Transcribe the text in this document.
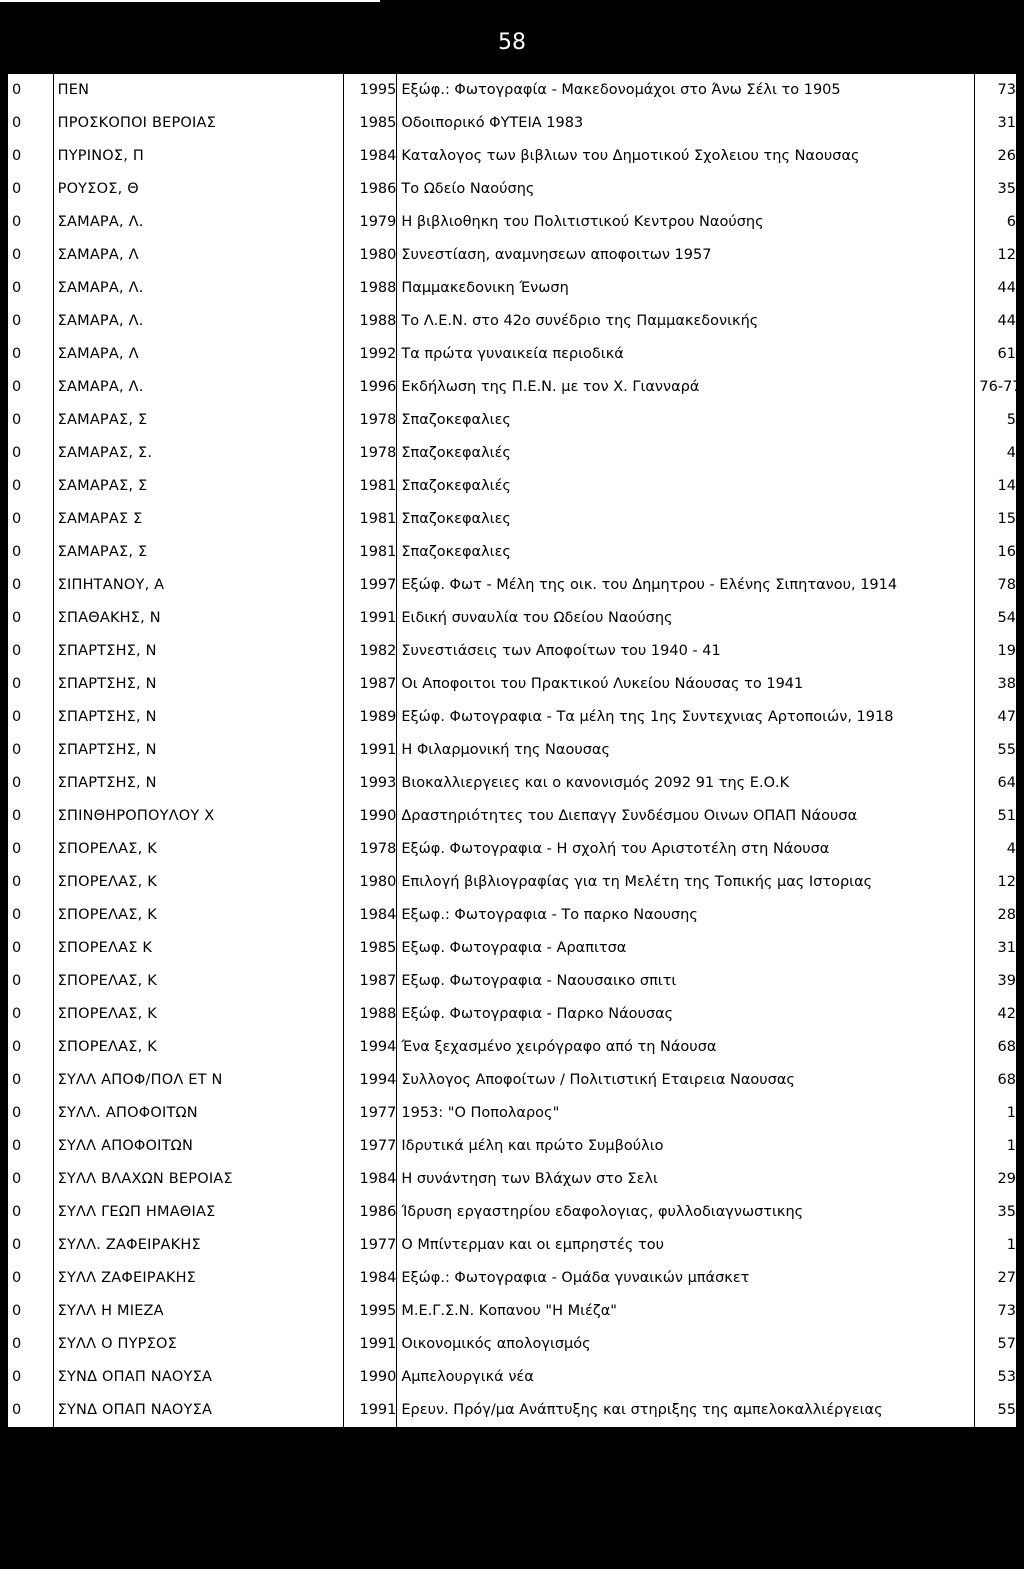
58
0	ΠΕΝ	1995	Εξώφ.: Φωτογραφία - Μακεδονομάχοι στο Άνω Σέλι το 1905	73
0	ΠΡΟΣΚΟΠΟΙ ΒΕΡΟΙΑΣ	1985	Οδοιπορικό ΦΥΤΕΙΑ 1983	31
0	ΠΥΡΙΝΟΣ, Π	1984	Καταλογος των βιβλιων του Δημοτικού Σχολειου της Ναουσας	26
0	ΡΟΥΣΟΣ, Θ	1986	Το Ωδείο Ναούσης	35
0	ΣΑΜΑΡΑ, Λ.	1979	Η βιβλιοθηκη του Πολιτιστικού Κεντρου Ναούσης	6
0	ΣΑΜΑΡΑ, Λ	1980	Συνεστίαση, αναμνησεων αποφοιτων 1957	12
0	ΣΑΜΑΡΑ, Λ.	1988	Παμμακεδονικη Ένωση	44
0	ΣΑΜΑΡΑ, Λ.	1988	Το Λ.Ε.Ν. στο 42ο συνέδριο της Παμμακεδονικής	44
0	ΣΑΜΑΡΑ, Λ	1992	Τα πρώτα γυναικεία περιοδικά	61
0	ΣΑΜΑΡΑ, Λ.	1996	Εκδήλωση της Π.Ε.Ν. με τον Χ. Γιανναρά	76-77
0	ΣΑΜΑΡΑΣ, Σ	1978	Σπαζοκεφαλιες	5
0	ΣΑΜΑΡΑΣ, Σ.	1978	Σπαζοκεφαλιές	4
0	ΣΑΜΑΡΑΣ, Σ	1981	Σπαζοκεφαλιές	14
0	ΣΑΜΑΡΑΣ Σ	1981	Σπαζοκεφαλιες	15
0	ΣΑΜΑΡΑΣ, Σ	1981	Σπαζοκεφαλιες	16
0	ΣΙΠΗΤΑΝΟΥ, Α	1997	Εξώφ. Φωτ - Μέλη της οικ. του Δημητρου - Ελένης Σιπητανου, 1914	78
0	ΣΠΑΘΑΚΗΣ, Ν	1991	Ειδική συναυλία του Ωδείου Ναούσης	54
0	ΣΠΑΡΤΣΗΣ, Ν	1982	Συνεστιάσεις των Αποφοίτων του 1940 - 41	19
0	ΣΠΑΡΤΣΗΣ, Ν	1987	Οι Αποφοιτοι του Πρακτικού Λυκείου Νάουσας το 1941	38
0	ΣΠΑΡΤΣΗΣ, Ν	1989	Εξώφ. Φωτογραφια - Τα μέλη της 1ης Συντεχνιας Αρτοποιών, 1918	47
0	ΣΠΑΡΤΣΗΣ, Ν	1991	Η Φιλαρμονική της Ναουσας	55
0	ΣΠΑΡΤΣΗΣ, Ν	1993	Βιοκαλλιεργειες και ο κανονισμός 2092 91 της Ε.Ο.Κ	64
0	ΣΠΙΝΘΗΡΟΠΟΥΛΟΥ Χ	1990	Δραστηριότητες του Διεπαγγ Συνδέσμου Οινων ΟΠΑΠ Νάουσα	51
0	ΣΠΟΡΕΛΑΣ, Κ	1978	Εξώφ. Φωτογραφια - Η σχολή του Αριστοτέλη στη Νάουσα	4
0	ΣΠΟΡΕΛΑΣ, Κ	1980	Επιλογή βιβλιογραφίας για τη Μελέτη της Τοπικής μας Ιστοριας	12
0	ΣΠΟΡΕΛΑΣ, Κ	1984	Εξωφ.: Φωτογραφια - Το παρκο Ναουσης	28
0	ΣΠΟΡΕΛΑΣ Κ	1985	Εξωφ. Φωτογραφια - Αραπιτσα	31
0	ΣΠΟΡΕΛΑΣ, Κ	1987	Εξωφ. Φωτογραφια - Ναουσαικο σπιτι	39
0	ΣΠΟΡΕΛΑΣ, Κ	1988	Εξώφ. Φωτογραφια - Παρκο Νάουσας	42
0	ΣΠΟΡΕΛΑΣ, Κ	1994	Ένα ξεχασμένο χειρόγραφο από τη Νάουσα	68
0	ΣΥΛΛ ΑΠΟΦ/ΠΟΛ ΕΤ Ν	1994	Συλλογος Αποφοίτων / Πολιτιστική Εταιρεια Ναουσας	68
0	ΣΥΛΛ. ΑΠΟΦΟΙΤΩΝ	1977	1953: "Ο Ποπολαρος"	1
0	ΣΥΛΛ ΑΠΟΦΟΙΤΩΝ	1977	Ιδρυτικά μέλη και πρώτο Συμβούλιο	1
0	ΣΥΛΛ ΒΛΑΧΩΝ ΒΕΡΟΙΑΣ	1984	Η συνάντηση των Βλάχων στο Σελι	29
0	ΣΥΛΛ ΓΕΩΠ ΗΜΑΘΙΑΣ	1986	Ίδρυση εργαστηρίου εδαφολογιας, φυλλοδιαγνωστικης	35
0	ΣΥΛΛ. ΖΑΦΕΙΡΑΚΗΣ	1977	Ο Μπίντερμαν και οι εμπρηστές του	1
0	ΣΥΛΛ ΖΑΦΕΙΡΑΚΗΣ	1984	Εξώφ.: Φωτογραφια - Ομάδα γυναικών μπάσκετ	27
0	ΣΥΛΛ Η ΜΙΕΖΑ	1995	Μ.Ε.Γ.Σ.Ν. Κοπανου "Η Μιέζα"	73
0	ΣΥΛΛ Ο ΠΥΡΣΟΣ	1991	Οικονομικός απολογισμός	57
0	ΣΥΝΔ ΟΠΑΠ ΝΑΟΥΣΑ	1990	Αμπελουργικά νέα	53
0	ΣΥΝΔ ΟΠΑΠ ΝΑΟΥΣΑ	1991	Ερευν. Πρόγ/μα Ανάπτυξης και στηριξης της αμπελοκαλλιέργειας	55
